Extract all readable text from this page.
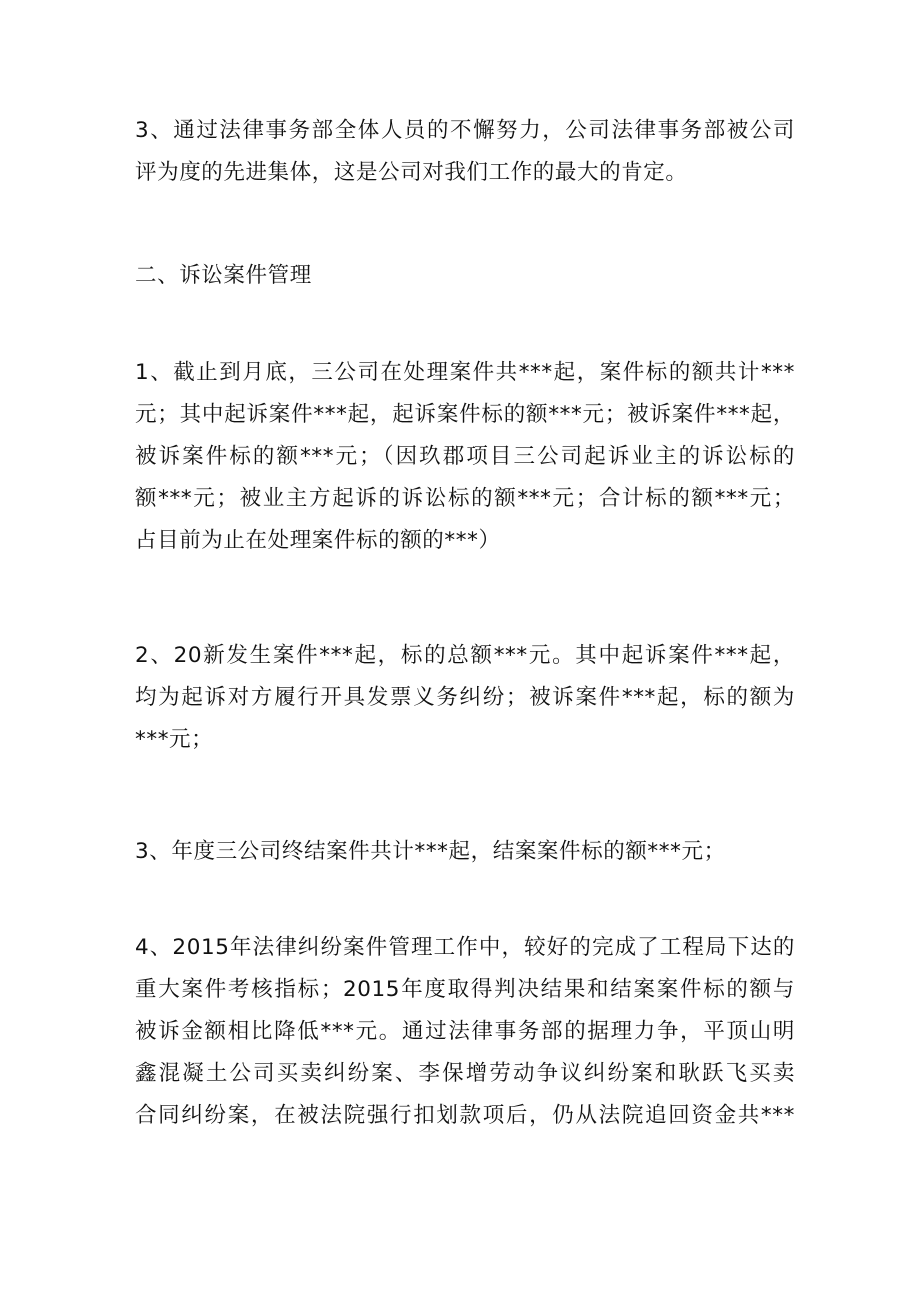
3、通过法律事务部全体人员的不懈努力，公司法律事务部被公司
评为度的先进集体，这是公司对我们工作的最大的肯定。
二、诉讼案件管理
1、截止到月底，三公司在处理案件共***起，案件标的额共计***
元；其中起诉案件***起，起诉案件标的额***元；被诉案件***起，
被诉案件标的额***元；（因玖郡项目三公司起诉业主的诉讼标的
额***元；被业主方起诉的诉讼标的额***元；合计标的额***元；
占目前为止在处理案件标的额的***）
2、20新发生案件***起，标的总额***元。其中起诉案件***起，
均为起诉对方履行开具发票义务纠纷；被诉案件***起，标的额为
***元；
3、年度三公司终结案件共计***起，结案案件标的额***元；
4、2015年法律纠纷案件管理工作中，较好的完成了工程局下达的
重大案件考核指标；2015年度取得判决结果和结案案件标的额与
被诉金额相比降低***元。通过法律事务部的据理力争，平顶山明
鑫混凝土公司买卖纠纷案、李保增劳动争议纠纷案和耿跃飞买卖
合同纠纷案，在被法院强行扣划款项后，仍从法院追回资金共***
